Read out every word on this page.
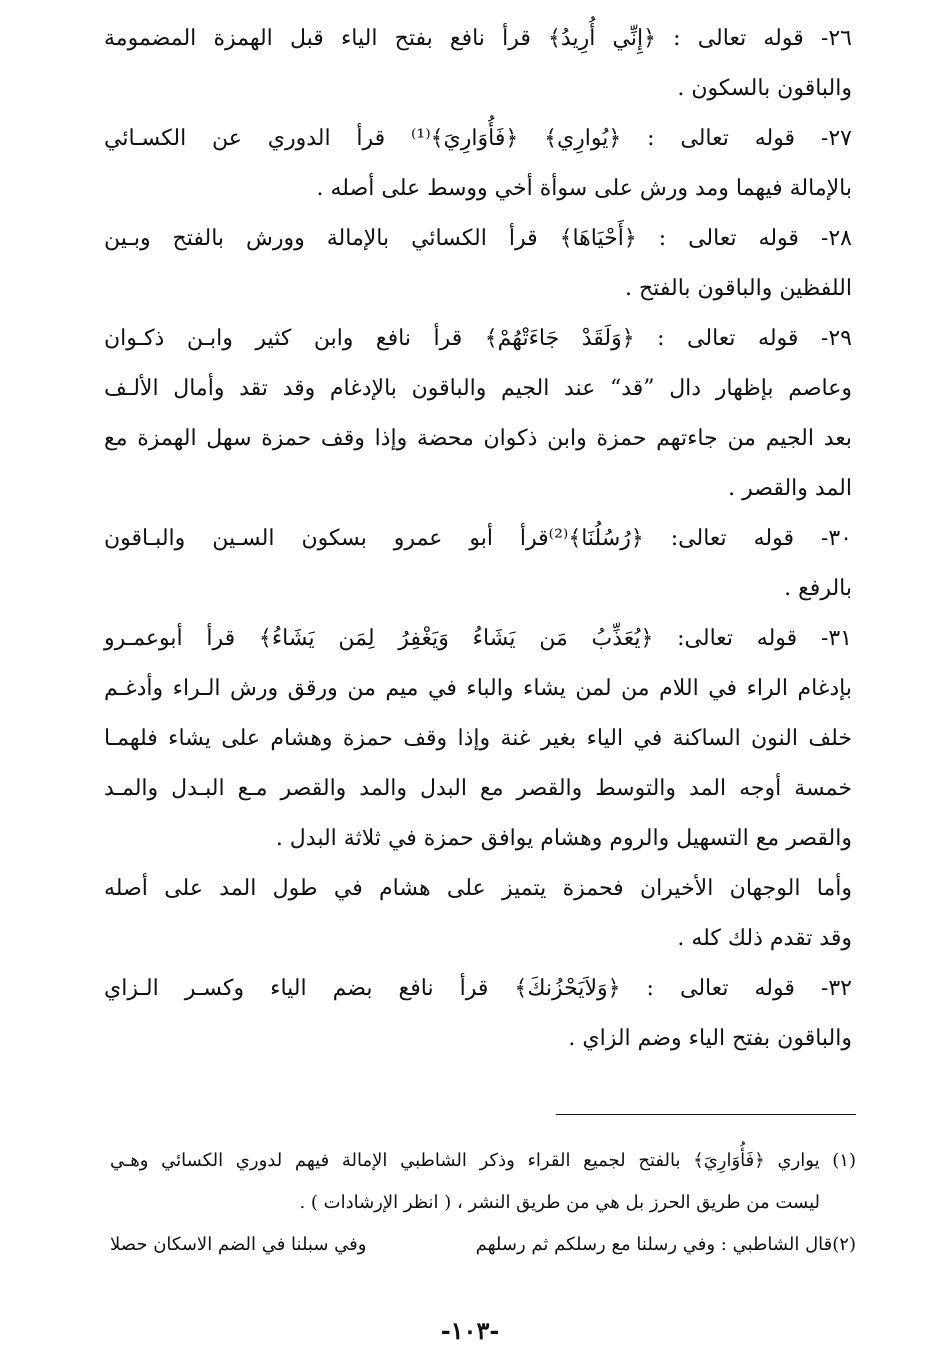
٢٦- قوله تعالى : ﴿إِنِّي أُرِيدُ﴾ قرأ نافع بفتح الياء قبل الهمزة المضمومة
والباقون بالسكون .
٢٧- قوله تعالى : ﴿يُوارِي﴾ ﴿فَأُوَارِيَ﴾⁽¹⁾ قرأ الدوري عن الكسـائي
بالإمالة فيهما ومد ورش على سوأة أخي ووسط على أصله .
٢٨- قوله تعالى : ﴿أَحْيَاهَا﴾ قرأ الكسائي بالإمالة وورش بالفتح وبـين
اللفظين والباقون بالفتح .
٢٩- قوله تعالى : ﴿وَلَقَدْ جَاءَتْهُمْ﴾ قرأ نافع وابن كثير وابـن ذكـوان
وعاصم بإظهار دال ”قد“ عند الجيم والباقون بالإدغام وقد تقد وأمال الألـف
بعد الجيم من جاءتهم حمزة وابن ذكوان محضة وإذا وقف حمزة سهل الهمزة مع
المد والقصر .
٣٠- قوله تعالى: ﴿رُسُلُنَا﴾⁽²⁾قرأ أبو عمرو بسكون السـين والبـاقون
بالرفع .
٣١- قوله تعالى: ﴿يُعَذِّبُ مَن يَشَاءُ وَيَغْفِرُ لِمَن يَشَاءُ﴾ قرأ أبوعمـرو
بإدغام الراء في اللام من لمن يشاء والباء في ميم من ورقق ورش الـراء وأدغـم
خلف النون الساكنة في الياء بغير غنة وإذا وقف حمزة وهشام على يشاء فلهمـا
خمسة أوجه المد والتوسط والقصر مع البدل والمد والقصر مـع البـدل والمـد
والقصر مع التسهيل والروم وهشام يوافق حمزة في ثلاثة البدل .
وأما الوجهان الأخيران فحمزة يتميز على هشام في طول المد على أصله
وقد تقدم ذلك كله .
٣٢- قوله تعالى : ﴿وَلاَيَحْزُنكَ﴾ قرأ نافع بضم الياء وكسـر الـزاي
والباقون بفتح الياء وضم الزاي .
(١) يواري ﴿فَأُوَارِيَ﴾ بالفتح لجميع القراء وذكر الشاطبي الإمالة فيهم لدوري الكسائي وهـي
ليست من طريق الحرز بل هي من طريق النشر ، ( انظر الإرشادات ) .
(٢)قال الشاطبي : وفي رسلنا مع رسلكم ثم رسلهم
وفي سبلنا في الضم الاسكان حصلا
-١٠٣-
